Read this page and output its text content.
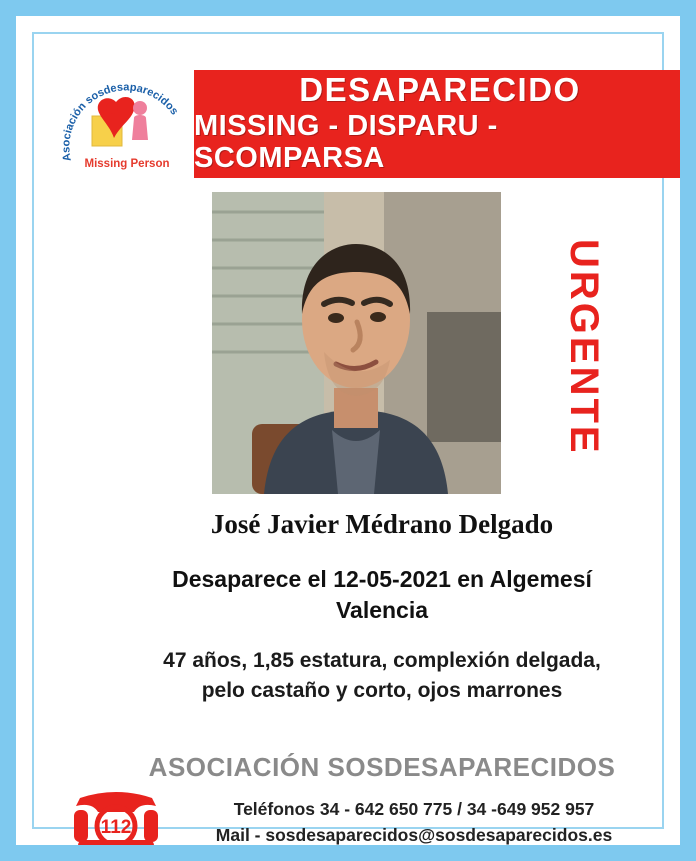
Asociación sosdesaparecidos
Missing Person
DESAPARECIDO
MISSING - DISPARU - SCOMPARSA
URGENTE
José Javier Médrano Delgado
Desaparece el 12-05-2021 en Algemesí
Valencia
47 años, 1,85 estatura, complexión delgada,
pelo castaño y corto, ojos marrones
ASOCIACIÓN SOSDESAPARECIDOS
112
Teléfonos 34 - 642 650 775 / 34 -649 952 957
Mail - sosdesaparecidos@sosdesaparecidos.es
